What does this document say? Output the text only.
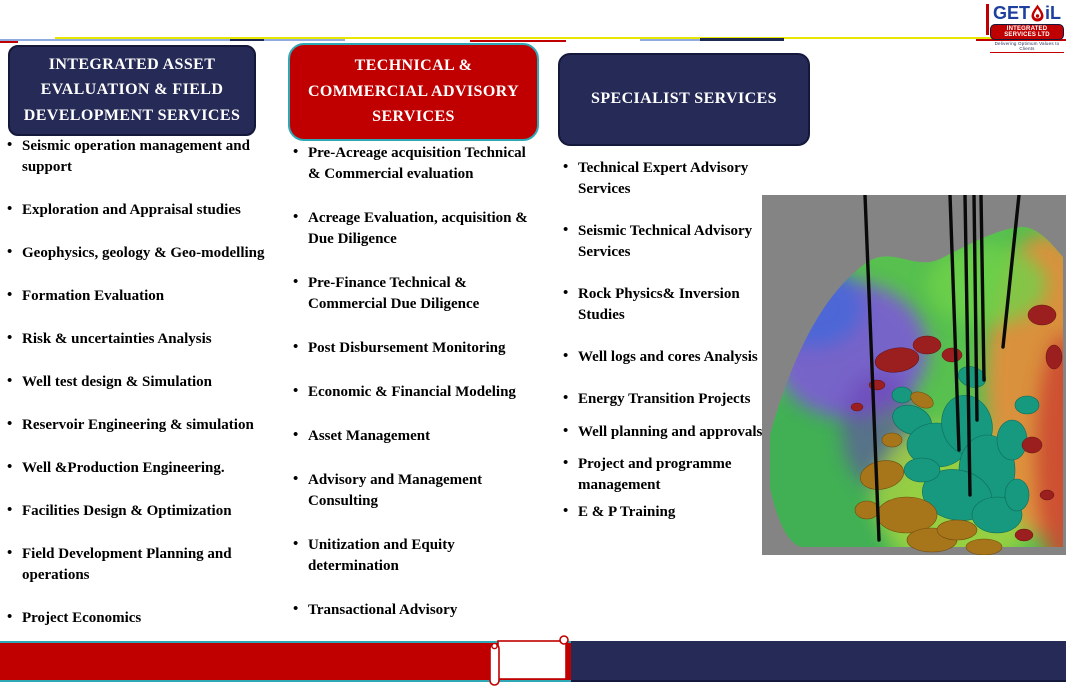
GET iL
INTEGRATED SERVICES LTD
Delivering Optimum Values to Clients
INTEGRATED ASSET
EVALUATION & FIELD
DEVELOPMENT SERVICES
TECHNICAL &
COMMERCIAL ADVISORY
SERVICES
SPECIALIST SERVICES
• Seismic operation management and support
• Exploration and Appraisal studies
• Geophysics, geology & Geo-modelling
• Formation Evaluation
• Risk & uncertainties Analysis
• Well test design & Simulation
• Reservoir Engineering & simulation
• Well &Production Engineering.
• Facilities Design & Optimization
• Field Development Planning and operations
• Project Economics
• Pre-Acreage acquisition Technical & Commercial evaluation
• Acreage Evaluation, acquisition & Due Diligence
• Pre-Finance Technical & Commercial Due Diligence
• Post Disbursement Monitoring
• Economic & Financial Modeling
• Asset Management
• Advisory and Management Consulting
• Unitization and Equity determination
• Transactional Advisory
• Technical Expert Advisory Services
• Seismic Technical Advisory Services
• Rock Physics& Inversion Studies
• Well logs and cores Analysis
• Energy Transition Projects
• Well planning and approvals
• Project and programme management
• E & P Training
